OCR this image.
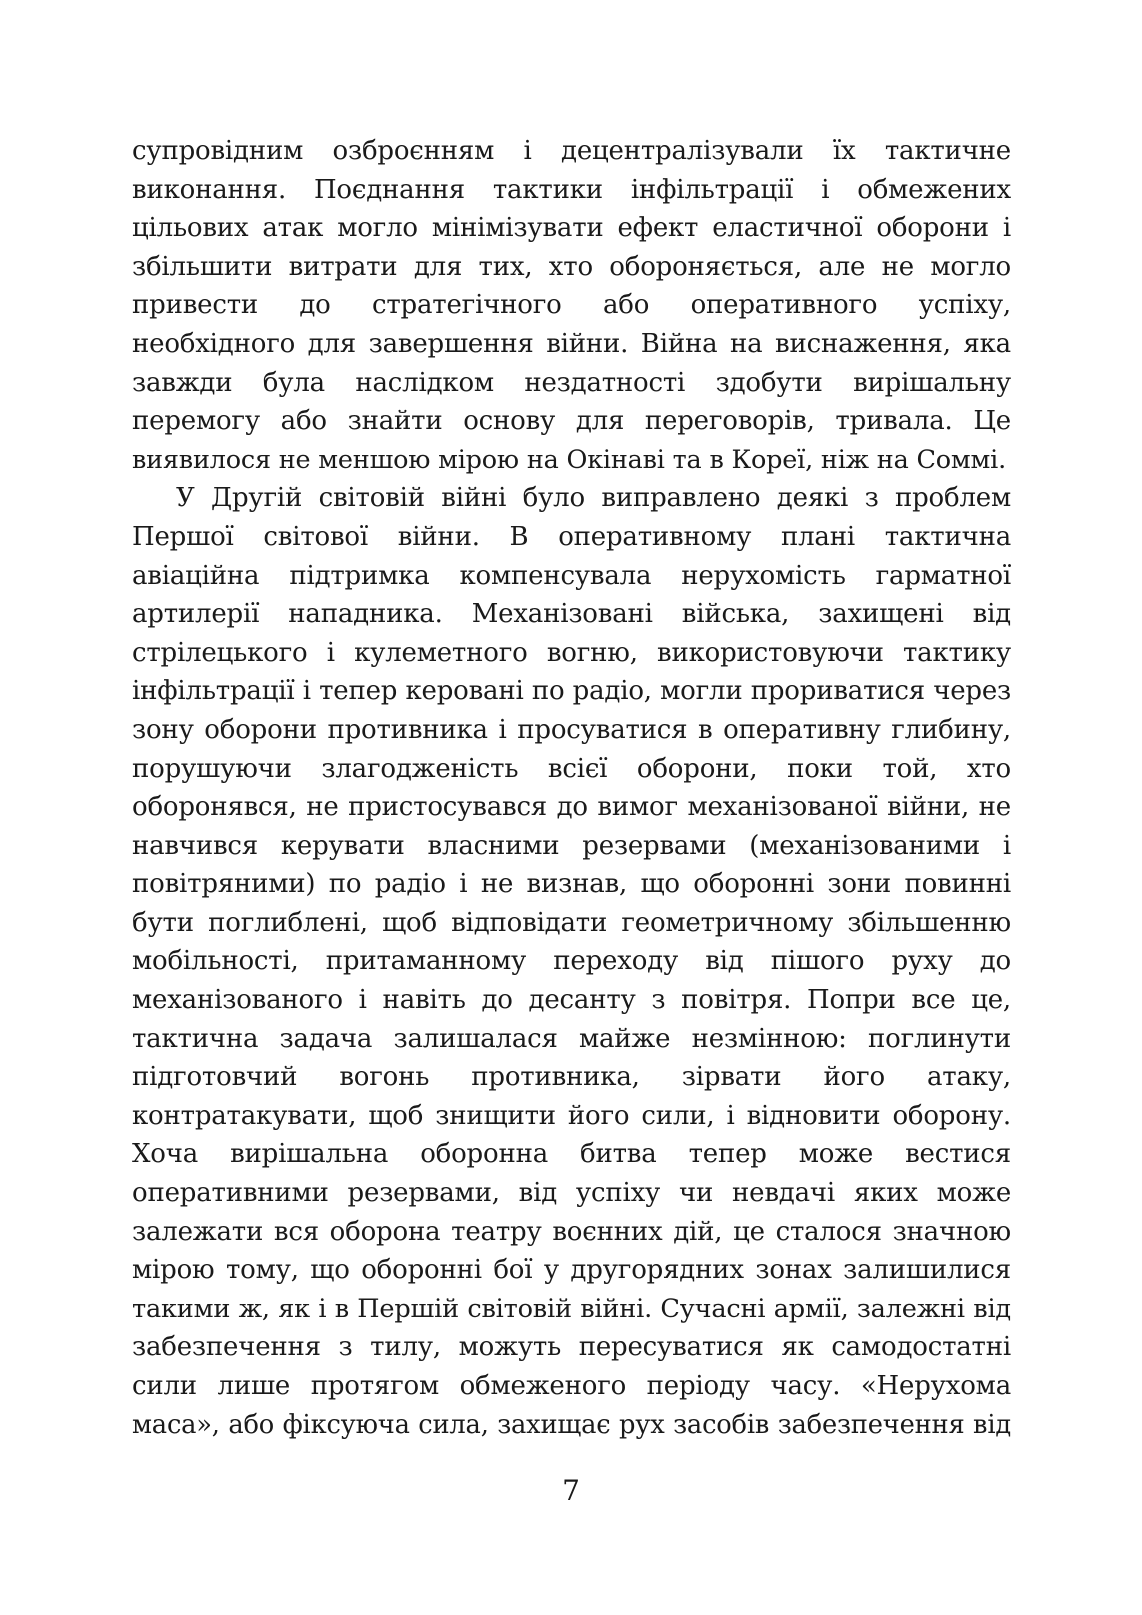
супровідним озброєнням і децентралізували їх тактичне
виконання. Поєднання тактики інфільтрації і обмежених
цільових атак могло мінімізувати ефект еластичної оборони і
збільшити витрати для тих, хто обороняється, але не могло
привести до стратегічного або оперативного успіху,
необхідного для завершення війни. Війна на виснаження, яка
завжди була наслідком нездатності здобути вирішальну
перемогу або знайти основу для переговорів, тривала. Це
виявилося не меншою мірою на Окінаві та в Кореї, ніж на Соммі.
У Другій світовій війні було виправлено деякі з проблем
Першої світової війни. В оперативному плані тактична
авіаційна підтримка компенсувала нерухомість гарматної
артилерії нападника. Механізовані війська, захищені від
стрілецького і кулеметного вогню, використовуючи тактику
інфільтрації і тепер керовані по радіо, могли прориватися через
зону оборони противника і просуватися в оперативну глибину,
порушуючи злагодженість всієї оборони, поки той, хто
оборонявся, не пристосувався до вимог механізованої війни, не
навчився керувати власними резервами (механізованими і
повітряними) по радіо і не визнав, що оборонні зони повинні
бути поглиблені, щоб відповідати геометричному збільшенню
мобільності, притаманному переходу від пішого руху до
механізованого і навіть до десанту з повітря. Попри все це,
тактична задача залишалася майже незмінною: поглинути
підготовчий вогонь противника, зірвати його атаку,
контратакувати, щоб знищити його сили, і відновити оборону.
Хоча вирішальна оборонна битва тепер може вестися
оперативними резервами, від успіху чи невдачі яких може
залежати вся оборона театру воєнних дій, це сталося значною
мірою тому, що оборонні бої у другорядних зонах залишилися
такими ж, як і в Першій світовій війні. Сучасні армії, залежні від
забезпечення з тилу, можуть пересуватися як самодостатні
сили лише протягом обмеженого періоду часу. «Нерухома
маса», або фіксуюча сила, захищає рух засобів забезпечення від
7
